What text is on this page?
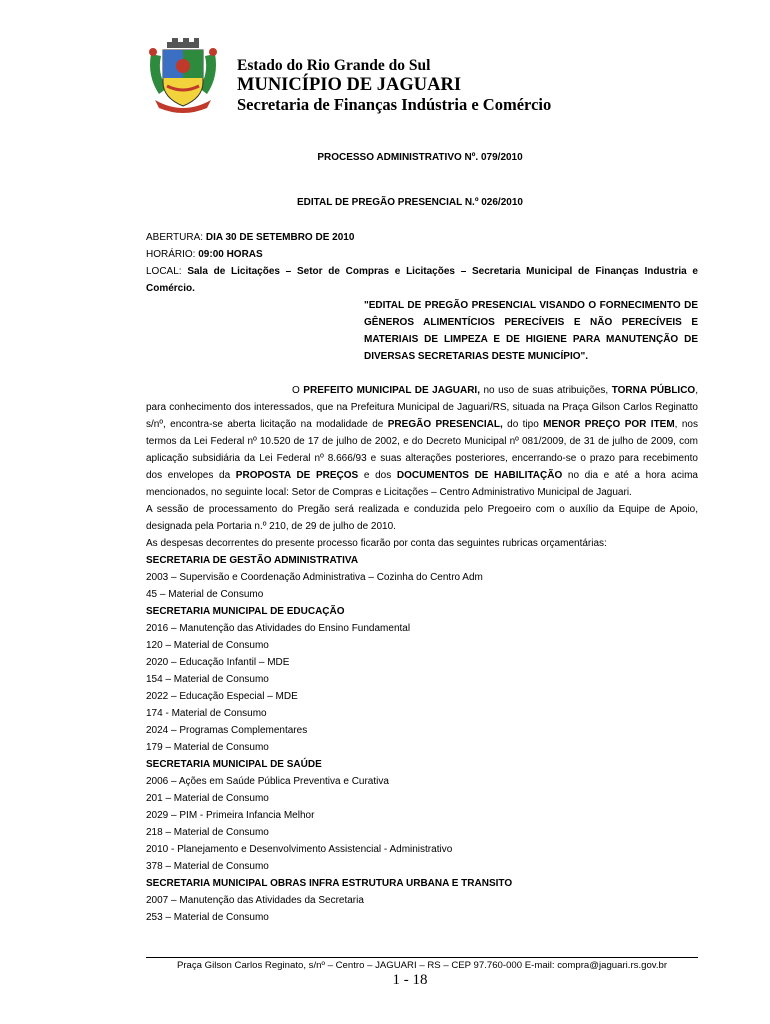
Estado do Rio Grande do Sul
MUNICÍPIO DE JAGUARI
Secretaria de Finanças Indústria e Comércio
PROCESSO ADMINISTRATIVO Nº. 079/2010
EDITAL DE PREGÃO PRESENCIAL N.º 026/2010

ABERTURA: DIA 30 DE SETEMBRO DE 2010

HORÁRIO: 09:00 HORAS

LOCAL: Sala de Licitações – Setor de Compras e Licitações – Secretaria Municipal de Finanças Industria e Comércio.

"EDITAL DE PREGÃO PRESENCIAL VISANDO O FORNECIMENTO DE GÊNEROS ALIMENTÍCIOS PERECÍVEIS E NÃO PERECÍVEIS E MATERIAIS DE LIMPEZA E DE HIGIENE PARA MANUTENÇÃO DE DIVERSAS SECRETARIAS DESTE MUNICÍPIO".

O PREFEITO MUNICIPAL DE JAGUARI, no uso de suas atribuições, TORNA PÚBLICO, para conhecimento dos interessados, que na Prefeitura Municipal de Jaguari/RS, situada na Praça Gilson Carlos Reginatto s/nº, encontra-se aberta licitação na modalidade de PREGÃO PRESENCIAL, do tipo MENOR PREÇO POR ITEM, nos termos da Lei Federal nº 10.520 de 17 de julho de 2002, e do Decreto Municipal nº 081/2009, de 31 de julho de 2009, com aplicação subsidiária da Lei Federal nº 8.666/93 e suas alterações posteriores, encerrando-se o prazo para recebimento dos envelopes da PROPOSTA DE PREÇOS e dos DOCUMENTOS DE HABILITAÇÃO no dia e até a hora acima mencionados, no seguinte local: Setor de Compras e Licitações – Centro Administrativo Municipal de Jaguari.

A sessão de processamento do Pregão será realizada e conduzida pelo Pregoeiro com o auxílio da Equipe de Apoio, designada pela Portaria n.º 210, de 29 de julho de 2010.

As despesas decorrentes do presente processo ficarão por conta das seguintes rubricas orçamentárias:

SECRETARIA DE GESTÃO ADMINISTRATIVA

2003 – Supervisão e Coordenação Administrativa – Cozinha do Centro Adm

45 – Material de Consumo

SECRETARIA MUNICIPAL DE EDUCAÇÃO

2016 – Manutenção das Atividades do Ensino Fundamental

120 – Material de Consumo

2020 – Educação Infantil – MDE

154 – Material de Consumo

2022 – Educação Especial – MDE

174 - Material de Consumo

2024 – Programas Complementares

179 – Material de Consumo

SECRETARIA MUNICIPAL DE SAÚDE

2006 – Ações em Saúde Pública Preventiva e Curativa

201 – Material de Consumo

2029 – PIM - Primeira Infancia Melhor

218 – Material de Consumo

2010 - Planejamento e Desenvolvimento Assistencial - Administrativo

378 – Material de Consumo

SECRETARIA MUNICIPAL OBRAS INFRA ESTRUTURA URBANA E TRANSITO

2007 – Manutenção das Atividades da Secretaria

253 – Material de Consumo

Praça Gilson Carlos Reginato, s/nº – Centro – JAGUARI – RS – CEP 97.760-000 E-mail: compra@jaguari.rs.gov.br
1 - 18
